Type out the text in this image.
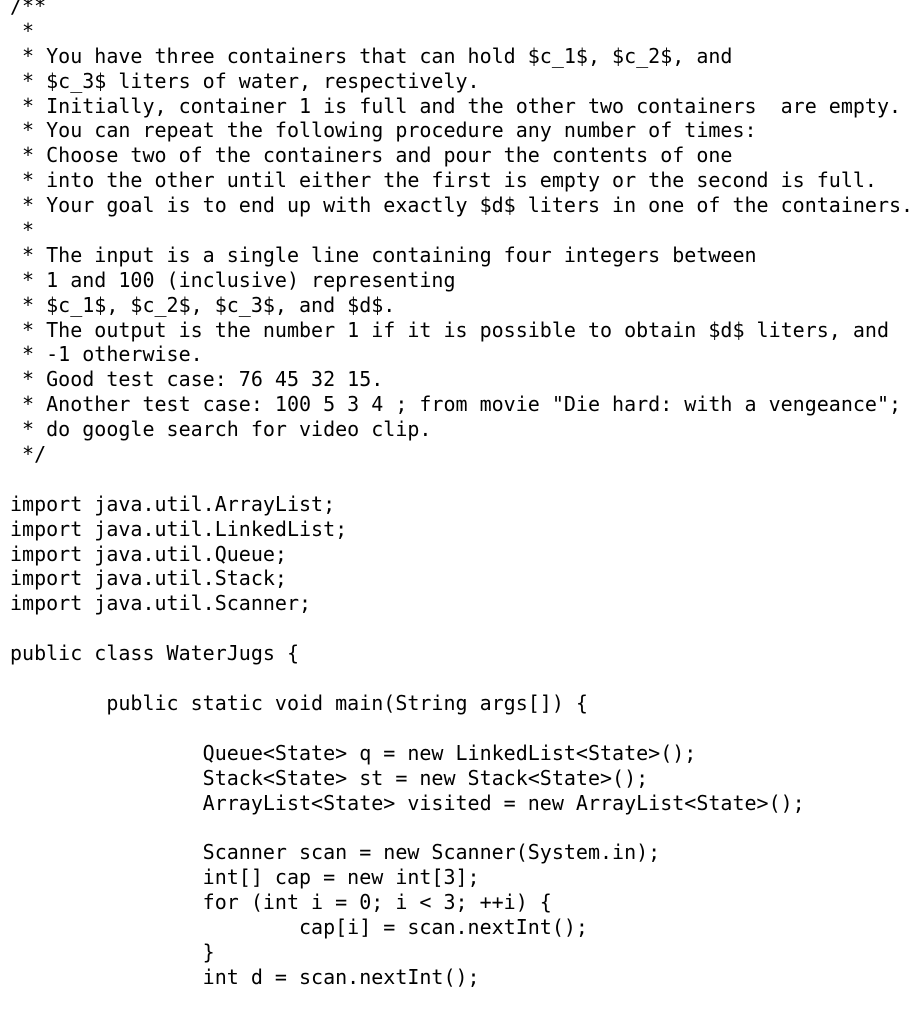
/**
*
* You have three containers that can hold $c_1$, $c_2$, and
* $c_3$ liters of water, respectively.
* Initially, container 1 is full and the other two containers  are empty.
* You can repeat the following procedure any number of times:
* Choose two of the containers and pour the contents of one
* into the other until either the first is empty or the second is full.
* Your goal is to end up with exactly $d$ liters in one of the containers.
*
* The input is a single line containing four integers between
* 1 and 100 (inclusive) representing
* $c_1$, $c_2$, $c_3$, and $d$.
* The output is the number 1 if it is possible to obtain $d$ liters, and
* -1 otherwise.
* Good test case: 76 45 32 15.
* Another test case: 100 5 3 4 ; from movie "Die hard: with a vengeance";
* do google search for video clip.
*/
import java.util.ArrayList;
import java.util.LinkedList;
import java.util.Queue;
import java.util.Stack;
import java.util.Scanner;
public class WaterJugs {
public static void main(String args[]) {
Queue<State> q = new LinkedList<State>();
Stack<State> st = new Stack<State>();
ArrayList<State> visited = new ArrayList<State>();
Scanner scan = new Scanner(System.in);
int[] cap = new int[3];
for (int i = 0; i < 3; ++i) {
cap[i] = scan.nextInt();
}
int d = scan.nextInt();
